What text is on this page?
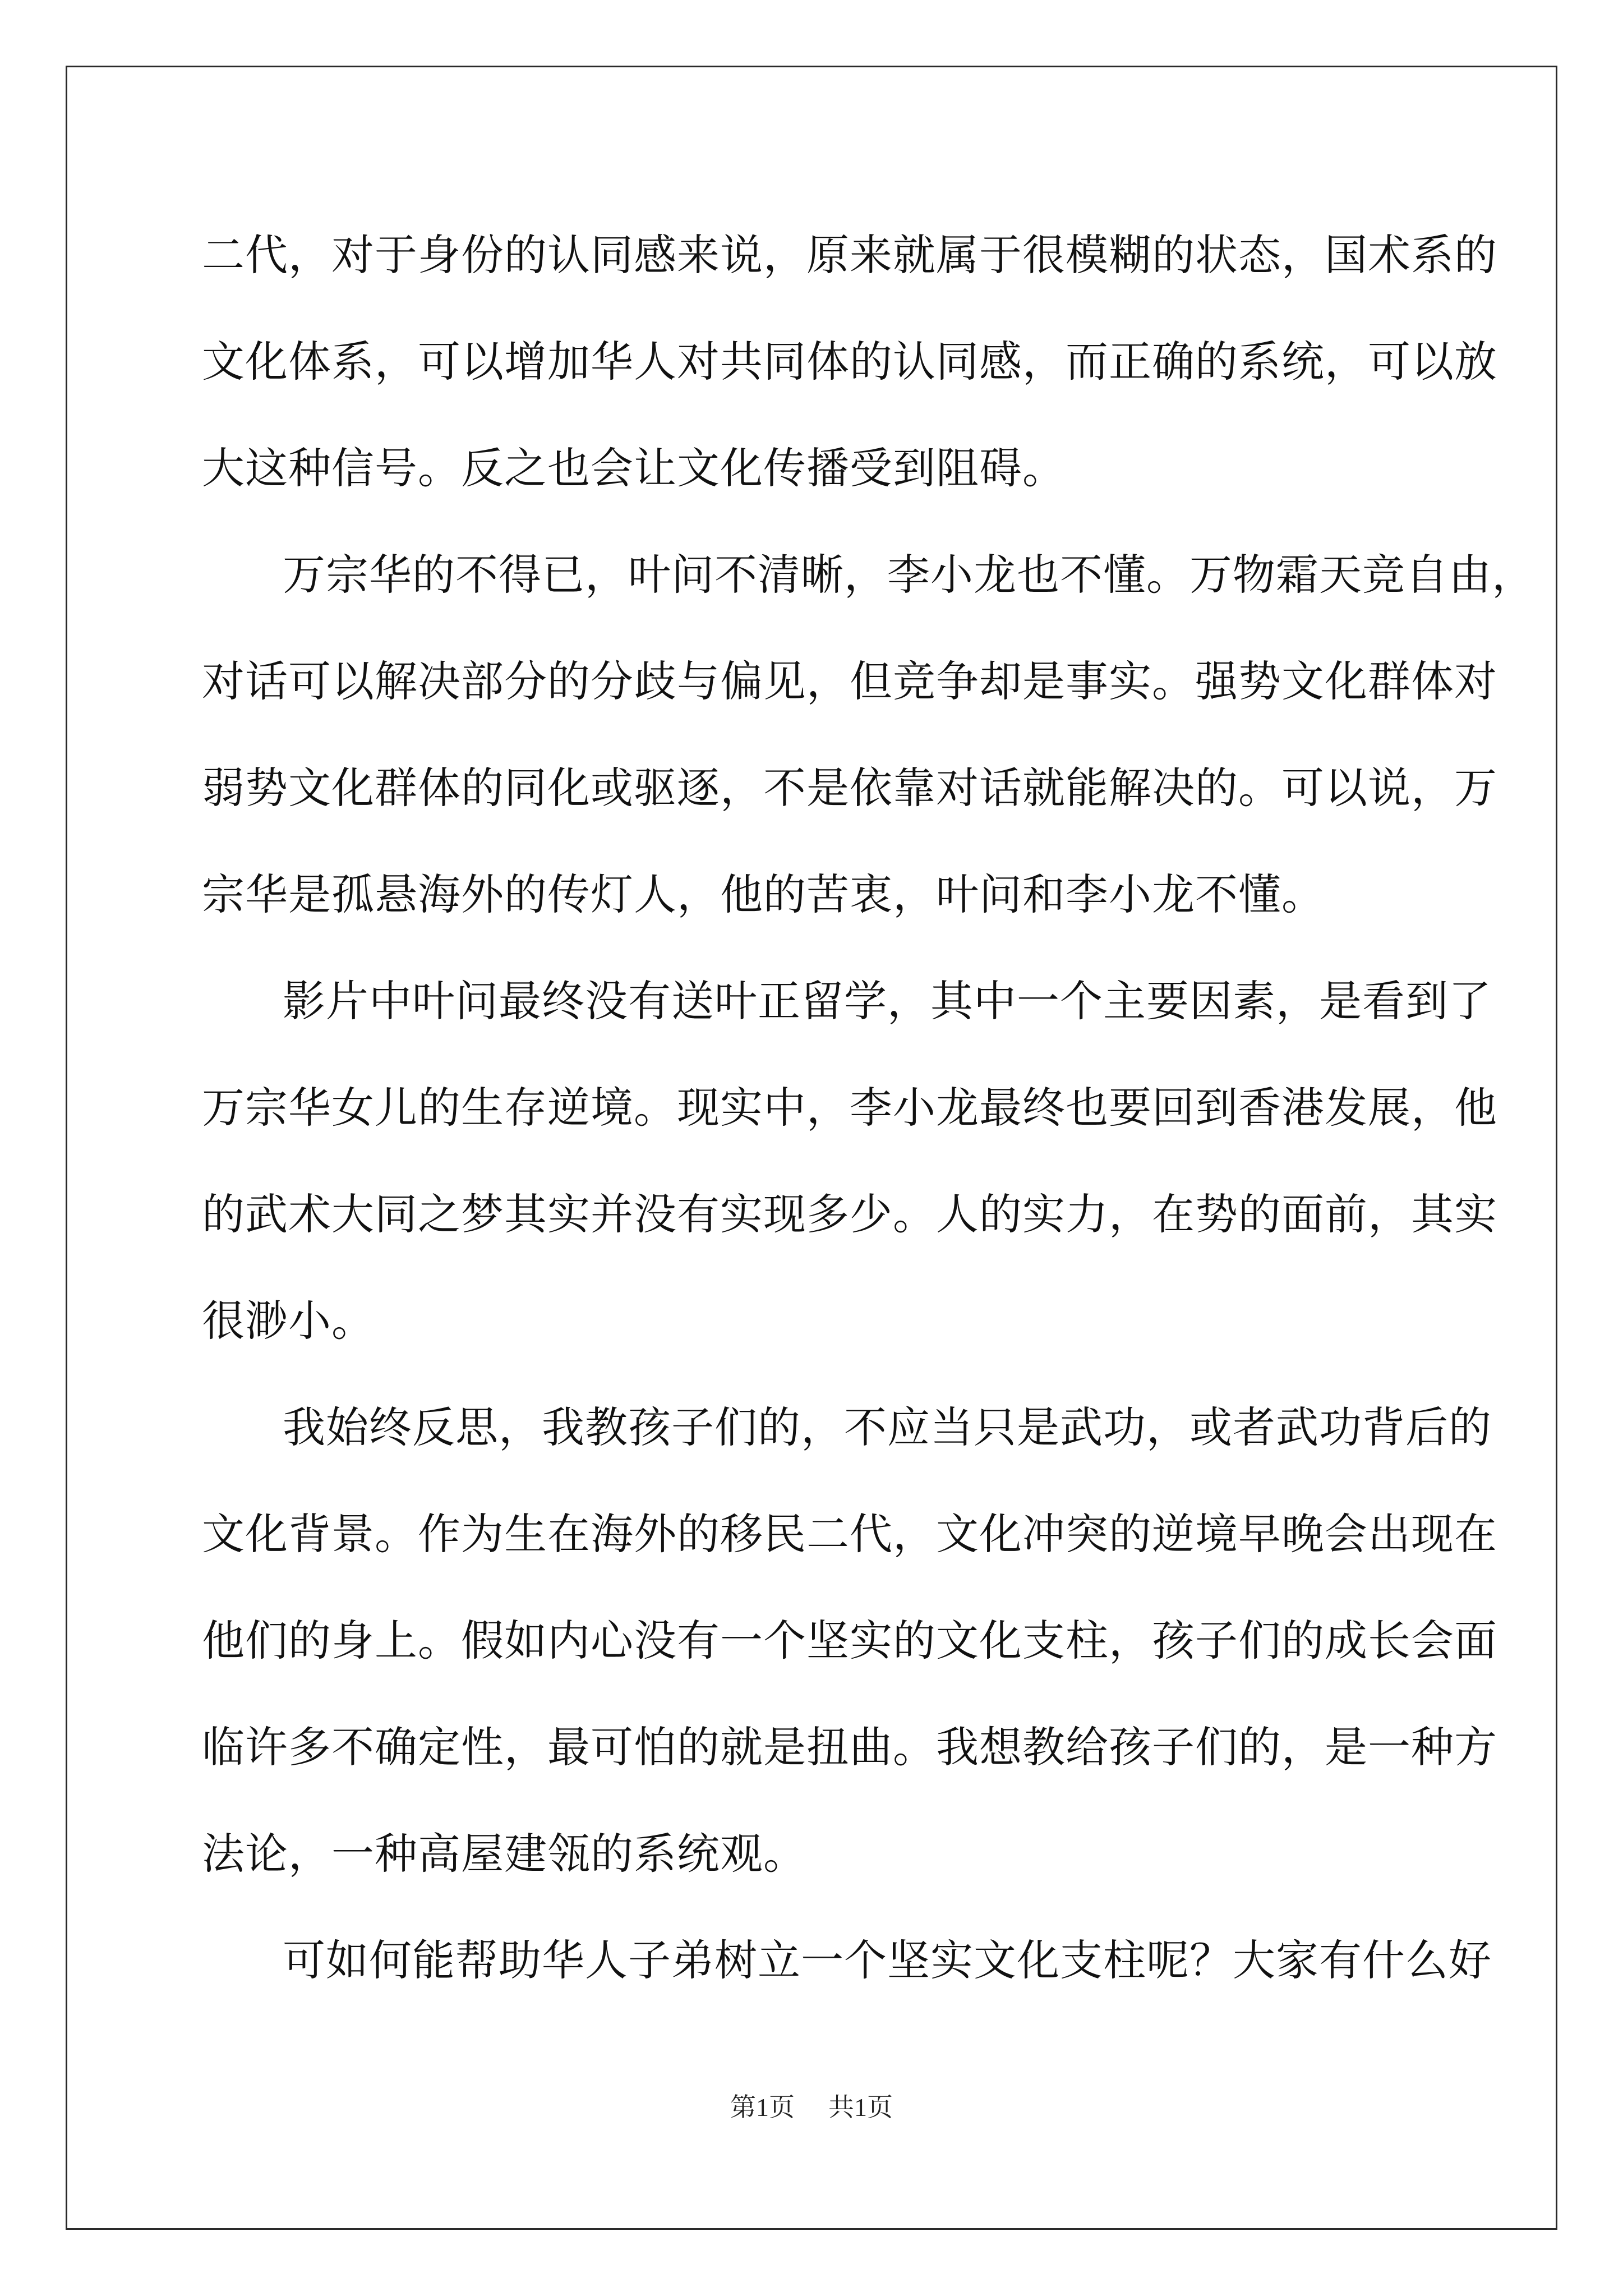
二代，对于身份的认同感来说，原来就属于很模糊的状态，国术系的
文化体系，可以增加华人对共同体的认同感，而正确的系统，可以放
大这种信号。反之也会让文化传播受到阻碍。
万宗华的不得已，叶问不清晰，李小龙也不懂。万物霜天竞自由，
对话可以解决部分的分歧与偏见，但竞争却是事实。强势文化群体对
弱势文化群体的同化或驱逐，不是依靠对话就能解决的。可以说，万
宗华是孤悬海外的传灯人，他的苦衷，叶问和李小龙不懂。
影片中叶问最终没有送叶正留学，其中一个主要因素，是看到了
万宗华女儿的生存逆境。现实中，李小龙最终也要回到香港发展，他
的武术大同之梦其实并没有实现多少。人的实力，在势的面前，其实
很渺小。
我始终反思，我教孩子们的，不应当只是武功，或者武功背后的
文化背景。作为生在海外的移民二代，文化冲突的逆境早晚会出现在
他们的身上。假如内心没有一个坚实的文化支柱，孩子们的成长会面
临许多不确定性，最可怕的就是扭曲。我想教给孩子们的，是一种方
法论，一种高屋建瓴的系统观。
可如何能帮助华人子弟树立一个坚实文化支柱呢？大家有什么好
第1页 共1页
